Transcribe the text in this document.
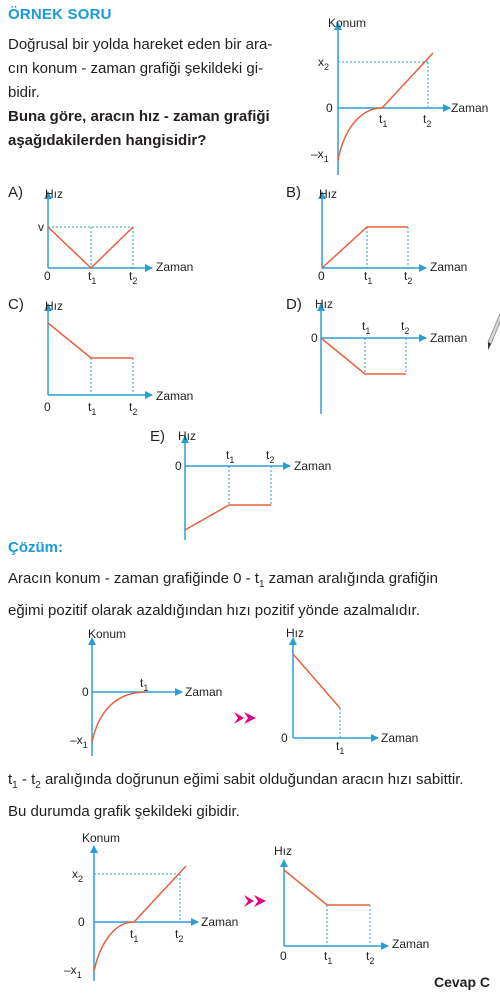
ÖRNEK SORU

Doğrusal bir yolda hareket eden bir ara-

cın konum - zaman grafiği şekildeki gi-

bidir.

Buna göre, aracın hız - zaman grafiği

aşağıdakilerden hangisidir?

Konum
Zaman
0
$x_2$
$-x_1$
$t_1$	$t_2$
A) Hız
Zaman
v
0	$t_1$	$t_2$
B) Hız
Zaman
0	$t_1$	$t_2$
C) Hız
Zaman
0	$t_1$	$t_2$
D) Hız
Zaman
0
$t_1$	$t_2$
E) Hız
Zaman
0
$t_1$	$t_2$
Çözüm:

Aracın konum - zaman grafiğinde $0 - t_1$ zaman aralığında grafiğin

eğimi pozitif olarak azaldığından hızı pozitif yönde azalmalıdır.

Konum
Zaman
0
$-x_1$
$t_1$
Hız
Zaman
0
$t_1$

$t_1 - t_2$ aralığında doğrunun eğimi sabit olduğundan aracın hızı sabittir.

Bu durumda grafik şekildeki gibidir.

Konum
Zaman
0
$x_2$
$-x_1$
$t_1$	$t_2$
Hız
Zaman
0	$t_1$	$t_2$
Cevap C
